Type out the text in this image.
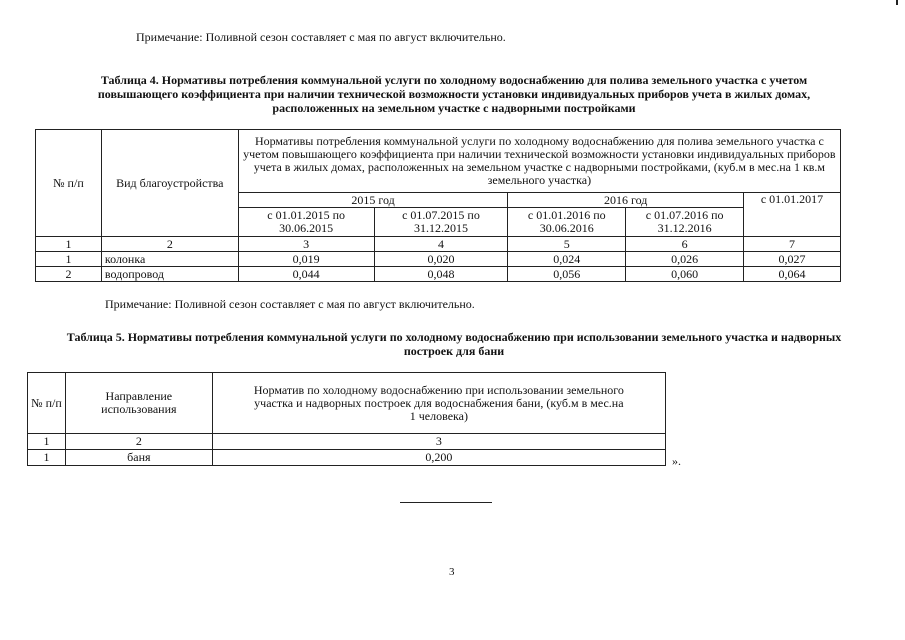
Примечание: Поливной сезон составляет с мая по август включительно.
Таблица 4. Нормативы потребления коммунальной услуги по холодному водоснабжению для полива земельного участка с учетом повышающего коэффициента при наличии технической возможности установки индивидуальных приборов учета в жилых домах, расположенных на земельном участке с надворными постройками
№ п/п	Вид благоустройства	Нормативы потребления коммунальной услуги по холодному водоснабжению для полива земельного участка с учетом повышающего коэффициента при наличии технической возможности установки индивидуальных приборов учета в жилых домах, расположенных на земельном участке с надворными постройками, (куб.м в мес.на 1 кв.м земельного участка)				
		2015 год		2016 год		с 01.01.2017
		с 01.01.2015 по 30.06.2015	с 01.07.2015 по 31.12.2015	с 01.01.2016 по 30.06.2016	с 01.07.2016 по 31.12.2016	
1	2	3	4	5	6	7
1	колонка	0,019	0,020	0,024	0,026	0,027
2	водопровод	0,044	0,048	0,056	0,060	0,064
Примечание: Поливной сезон составляет с мая по август включительно.
Таблица 5. Нормативы потребления коммунальной услуги по холодному водоснабжению при использовании земельного участка и надворных построек для бани
№ п/п	Направление использования	Норматив по холодному водоснабжению при использовании земельного участка и надворных построек для водоснабжения бани, (куб.м в мес.на 1 человека)
1	2	3
1	баня	0,200	».
3
